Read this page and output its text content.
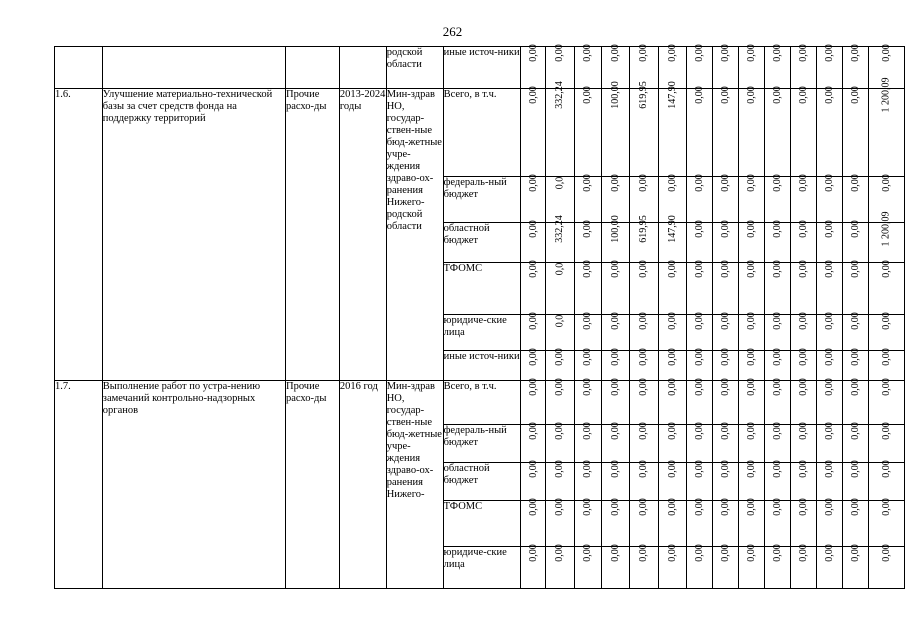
262
				родской области	иные источ-ники	0,00	0,00	0,00	0,00	0,00	0,00	0,00	0,00	0,00	0,00	0,00	0,00	0,00	0,00
1.6.	Улучшение материально-технической базы за счет средств фонда на поддержку территорий	Прочие расхо-ды	2013-2024 годы	Мин-здрав НО, государ-ствен-ные бюд-жетные учре-ждения здраво-ох-ранения Нижего-родской области	Всего, в т.ч.	0,00	332,24	0,00	100,00	619,95	147,90	0,00	0,00	0,00	0,00	0,00	0,00	0,00	1 200,09
					федераль-ный бюджет	0,00	0,0	0,00	0,00	0,00	0,00	0,00	0,00	0,00	0,00	0,00	0,00	0,00	0,00
					областной бюджет	0,00	332,24	0,00	100,00	619,95	147,90	0,00	0,00	0,00	0,00	0,00	0,00	0,00	1 200,09
					ТФОМС	0,00	0,0	0,00	0,00	0,00	0,00	0,00	0,00	0,00	0,00	0,00	0,00	0,00	0,00
					юридиче-ские лица	0,00	0,0	0,00	0,00	0,00	0,00	0,00	0,00	0,00	0,00	0,00	0,00	0,00	0,00
					иные источ-ники	0,00	0,00	0,00	0,00	0,00	0,00	0,00	0,00	0,00	0,00	0,00	0,00	0,00	0,00
1.7.	Выполнение работ по устра-нению замечаний контрольно-надзорных органов	Прочие расхо-ды	2016 год	Мин-здрав НО, государ-ствен-ные бюд-жетные учре-ждения здраво-ох-ранения Нижего-	Всего, в т.ч.	0,00	0,00	0,00	0,00	0,00	0,00	0,00	0,00	0,00	0,00	0,00	0,00	0,00	0,00
					федераль-ный бюджет	0,00	0,00	0,00	0,00	0,00	0,00	0,00	0,00	0,00	0,00	0,00	0,00	0,00	0,00
					областной бюджет	0,00	0,00	0,00	0,00	0,00	0,00	0,00	0,00	0,00	0,00	0,00	0,00	0,00	0,00
					ТФОМС	0,00	0,00	0,00	0,00	0,00	0,00	0,00	0,00	0,00	0,00	0,00	0,00	0,00	0,00
					юридиче-ские лица	0,00	0,00	0,00	0,00	0,00	0,00	0,00	0,00	0,00	0,00	0,00	0,00	0,00	0,00
